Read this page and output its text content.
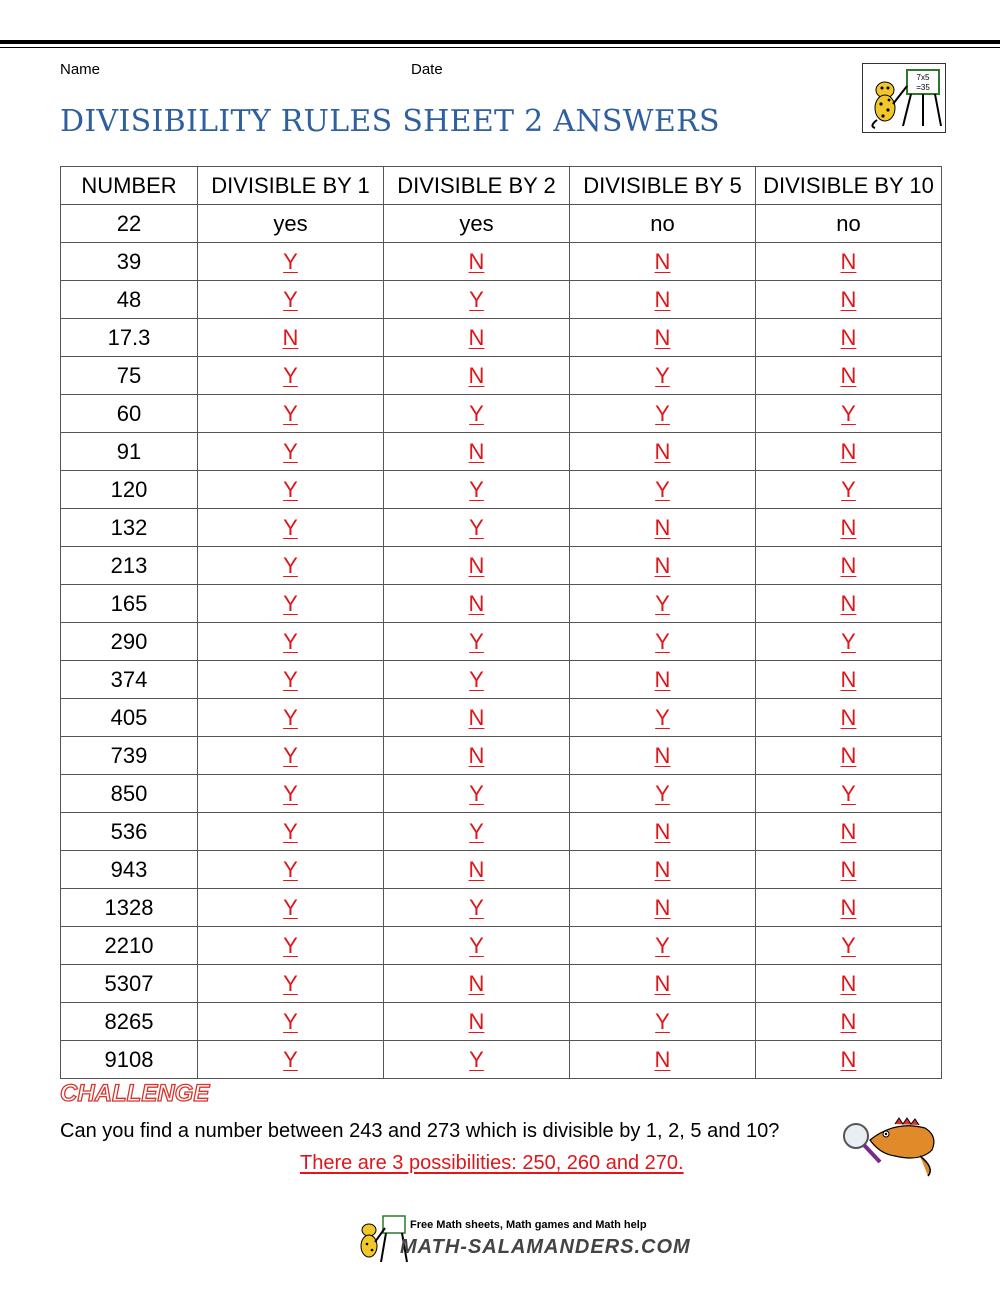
Name	Date
DIVISIBILITY RULES SHEET 2 ANSWERS
7x5
=35
NUMBER	DIVISIBLE BY 1	DIVISIBLE BY 2	DIVISIBLE BY 5	DIVISIBLE BY 10
22	yes	yes	no	no
39	Y	N	N	N
48	Y	Y	N	N
17.3	N	N	N	N
75	Y	N	Y	N
60	Y	Y	Y	Y
91	Y	N	N	N
120	Y	Y	Y	Y
132	Y	Y	N	N
213	Y	N	N	N
165	Y	N	Y	N
290	Y	Y	Y	Y
374	Y	Y	N	N
405	Y	N	Y	N
739	Y	N	N	N
850	Y	Y	Y	Y
536	Y	Y	N	N
943	Y	N	N	N
1328	Y	Y	N	N
2210	Y	Y	Y	Y
5307	Y	N	N	N
8265	Y	N	Y	N
9108	Y	Y	N	N
CHALLENGE
Can you find a number between 243 and 273 which is divisible by 1, 2, 5 and 10?
There are 3 possibilities: 250, 260 and 270.
Free Math sheets, Math games and Math help
MATH-SALAMANDERS.COM
